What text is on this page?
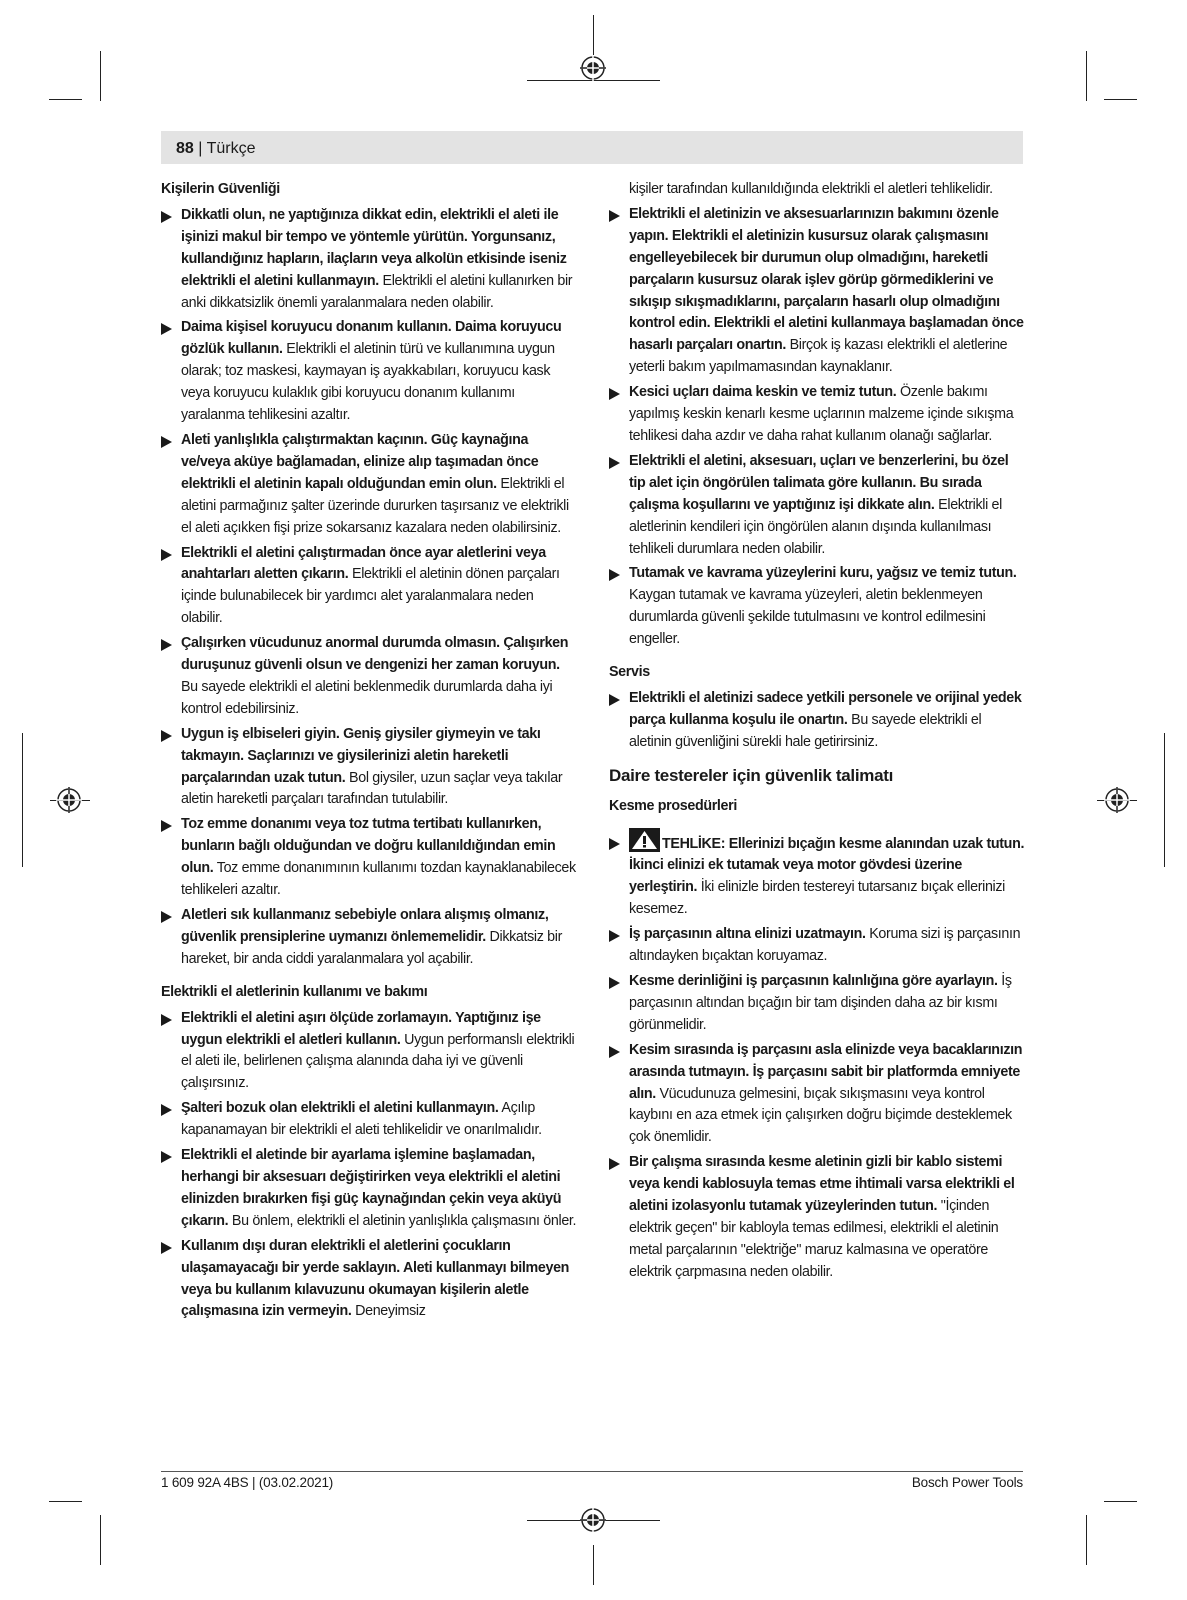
88 | Türkçe
Kişilerin Güvenliği
Dikkatli olun, ne yaptığınıza dikkat edin, elektrikli el aleti ile işinizi makul bir tempo ve yöntemle yürütün. Yorgunsanız, kullandığınız hapların, ilaçların veya alkolün etkisinde iseniz elektrikli el aletini kullanmayın. Elektrikli el aletini kullanırken bir anki dikkatsizlik önemli yaralanmalara neden olabilir.
Daima kişisel koruyucu donanım kullanın. Daima koruyucu gözlük kullanın. Elektrikli el aletinin türü ve kullanımına uygun olarak; toz maskesi, kaymayan iş ayakkabıları, koruyucu kask veya koruyucu kulaklık gibi koruyucu donanım kullanımı yaralanma tehlikesini azaltır.
Aleti yanlışlıkla çalıştırmaktan kaçının. Güç kaynağına ve/veya aküye bağlamadan, elinize alıp taşımadan önce elektrikli el aletinin kapalı olduğundan emin olun. Elektrikli el aletini parmağınız şalter üzerinde dururken taşırsanız ve elektrikli el aleti açıkken fişi prize sokarsanız kazalara neden olabilirsiniz.
Elektrikli el aletini çalıştırmadan önce ayar aletlerini veya anahtarları aletten çıkarın. Elektrikli el aletinin dönen parçaları içinde bulunabilecek bir yardımcı alet yaralanmalara neden olabilir.
Çalışırken vücudunuz anormal durumda olmasın. Çalışırken duruşunuz güvenli olsun ve dengenizi her zaman koruyun. Bu sayede elektrikli el aletini beklenmedik durumlarda daha iyi kontrol edebilirsiniz.
Uygun iş elbiseleri giyin. Geniş giysiler giymeyin ve takı takmayın. Saçlarınızı ve giysilerinizi aletin hareketli parçalarından uzak tutun. Bol giysiler, uzun saçlar veya takılar aletin hareketli parçaları tarafından tutulabilir.
Toz emme donanımı veya toz tutma tertibatı kullanırken, bunların bağlı olduğundan ve doğru kullanıldığından emin olun. Toz emme donanımının kullanımı tozdan kaynaklanabilecek tehlikeleri azaltır.
Aletleri sık kullanmanız sebebiyle onlara alışmış olmanız, güvenlik prensiplerine uymanızı önlememelidir. Dikkatsiz bir hareket, bir anda ciddi yaralanmalara yol açabilir.
Elektrikli el aletlerinin kullanımı ve bakımı
Elektrikli el aletini aşırı ölçüde zorlamayın. Yaptığınız işe uygun elektrikli el aletleri kullanın. Uygun performanslı elektrikli el aleti ile, belirlenen çalışma alanında daha iyi ve güvenli çalışırsınız.
Şalteri bozuk olan elektrikli el aletini kullanmayın. Açılıp kapanamayan bir elektrikli el aleti tehlikelidir ve onarılmalıdır.
Elektrikli el aletinde bir ayarlama işlemine başlamadan, herhangi bir aksesuarı değiştirirken veya elektrikli el aletini elinizden bırakırken fişi güç kaynağından çekin veya aküyü çıkarın. Bu önlem, elektrikli el aletinin yanlışlıkla çalışmasını önler.
Kullanım dışı duran elektrikli el aletlerini çocukların ulaşamayacağı bir yerde saklayın. Aleti kullanmayı bilmeyen veya bu kullanım kılavuzunu okumayan kişilerin aletle çalışmasına izin vermeyin. Deneyimsiz
kişiler tarafından kullanıldığında elektrikli el aletleri tehlikelidir.
Elektrikli el aletinizin ve aksesuarlarınızın bakımını özenle yapın. Elektrikli el aletinizin kusursuz olarak çalışmasını engelleyebilecek bir durumun olup olmadığını, hareketli parçaların kusursuz olarak işlev görüp görmediklerini ve sıkışıp sıkışmadıklarını, parçaların hasarlı olup olmadığını kontrol edin. Elektrikli el aletini kullanmaya başlamadan önce hasarlı parçaları onartın. Birçok iş kazası elektrikli el aletlerine yeterli bakım yapılmamasından kaynaklanır.
Kesici uçları daima keskin ve temiz tutun. Özenle bakımı yapılmış keskin kenarlı kesme uçlarının malzeme içinde sıkışma tehlikesi daha azdır ve daha rahat kullanım olanağı sağlarlar.
Elektrikli el aletini, aksesuarı, uçları ve benzerlerini, bu özel tip alet için öngörülen talimata göre kullanın. Bu sırada çalışma koşullarını ve yaptığınız işi dikkate alın. Elektrikli el aletlerinin kendileri için öngörülen alanın dışında kullanılması tehlikeli durumlara neden olabilir.
Tutamak ve kavrama yüzeylerini kuru, yağsız ve temiz tutun. Kaygan tutamak ve kavrama yüzeyleri, aletin beklenmeyen durumlarda güvenli şekilde tutulmasını ve kontrol edilmesini engeller.
Servis
Elektrikli el aletinizi sadece yetkili personele ve orijinal yedek parça kullanma koşulu ile onartın. Bu sayede elektrikli el aletinin güvenliğini sürekli hale getirirsiniz.
Daire testereler için güvenlik talimatı
Kesme prosedürleri
TEHLİKE: Ellerinizi bıçağın kesme alanından uzak tutun. İkinci elinizi ek tutamak veya motor gövdesi üzerine yerleştirin. İki elinizle birden testereyi tutarsanız bıçak ellerinizi kesemez.
İş parçasının altına elinizi uzatmayın. Koruma sizi iş parçasının altındayken bıçaktan koruyamaz.
Kesme derinliğini iş parçasının kalınlığına göre ayarlayın. İş parçasının altından bıçağın bir tam dişinden daha az bir kısmı görünmelidir.
Kesim sırasında iş parçasını asla elinizde veya bacaklarınızın arasında tutmayın. İş parçasını sabit bir platformda emniyete alın. Vücudunuza gelmesini, bıçak sıkışmasını veya kontrol kaybını en aza etmek için çalışırken doğru biçimde desteklemek çok önemlidir.
Bir çalışma sırasında kesme aletinin gizli bir kablo sistemi veya kendi kablosuyla temas etme ihtimali varsa elektrikli el aletini izolasyonlu tutamak yüzeylerinden tutun. "İçinden elektrik geçen" bir kabloyla temas edilmesi, elektrikli el aletinin metal parçalarının "elektriğe" maruz kalmasına ve operatöre elektrik çarpmasına neden olabilir.
1 609 92A 4BS | (03.02.2021)	Bosch Power Tools
